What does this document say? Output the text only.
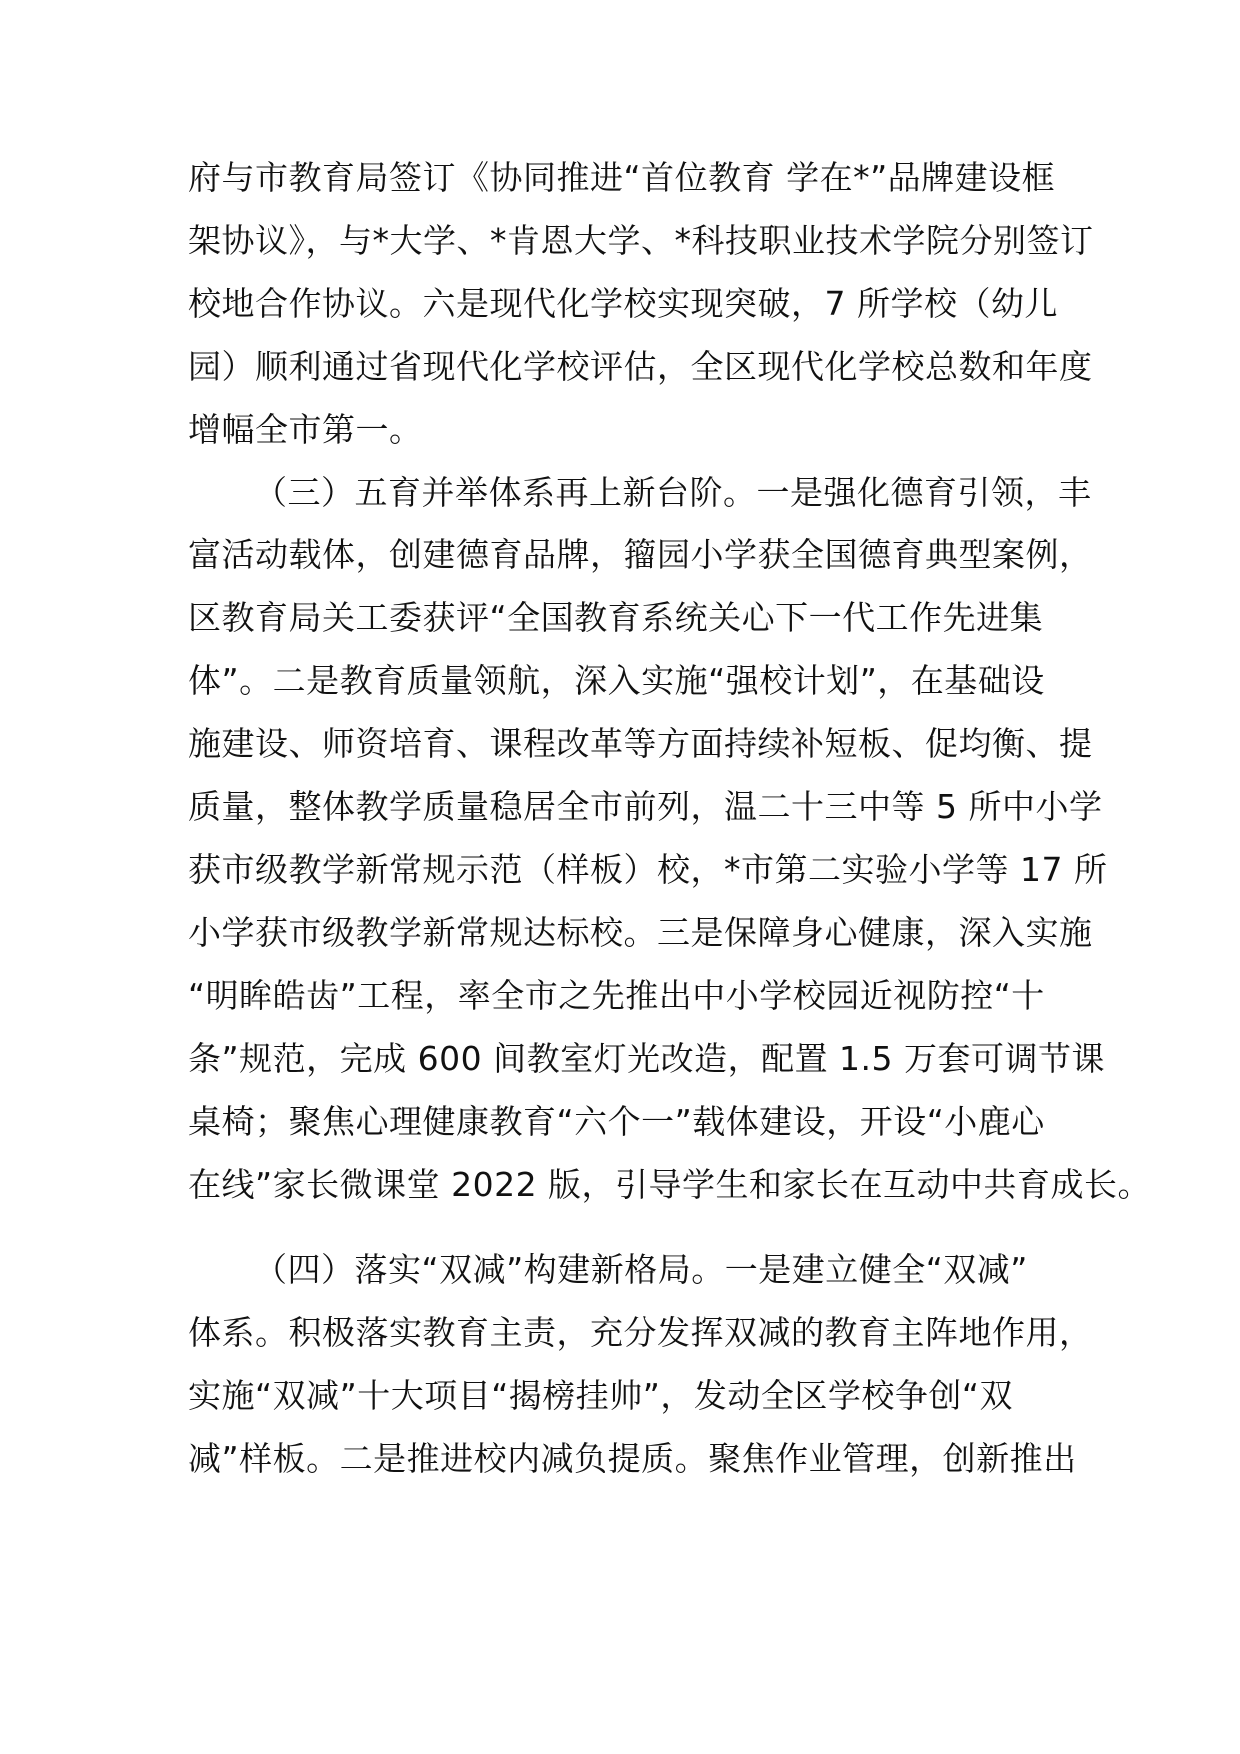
府与市教育局签订《协同推进“首位教育 学在*”品牌建设框
架协议》，与*大学、*肯恩大学、*科技职业技术学院分别签订
校地合作协议。六是现代化学校实现突破，7 所学校（幼儿
园）顺利通过省现代化学校评估，全区现代化学校总数和年度
增幅全市第一。
（三）五育并举体系再上新台阶。一是强化德育引领，丰
富活动载体，创建德育品牌，籀园小学获全国德育典型案例，
区教育局关工委获评“全国教育系统关心下一代工作先进集
体”。二是教育质量领航，深入实施“强校计划”，在基础设
施建设、师资培育、课程改革等方面持续补短板、促均衡、提
质量，整体教学质量稳居全市前列，温二十三中等 5 所中小学
获市级教学新常规示范（样板）校，*市第二实验小学等 17 所
小学获市级教学新常规达标校。三是保障身心健康，深入实施
“明眸皓齿”工程，率全市之先推出中小学校园近视防控“十
条”规范，完成 600 间教室灯光改造，配置 1.5 万套可调节课
桌椅；聚焦心理健康教育“六个一”载体建设，开设“小鹿心
在线”家长微课堂 2022 版，引导学生和家长在互动中共育成长。
（四）落实“双减”构建新格局。一是建立健全“双减”
体系。积极落实教育主责，充分发挥双减的教育主阵地作用，
实施“双减”十大项目“揭榜挂帅”，发动全区学校争创“双
减”样板。二是推进校内减负提质。聚焦作业管理，创新推出
